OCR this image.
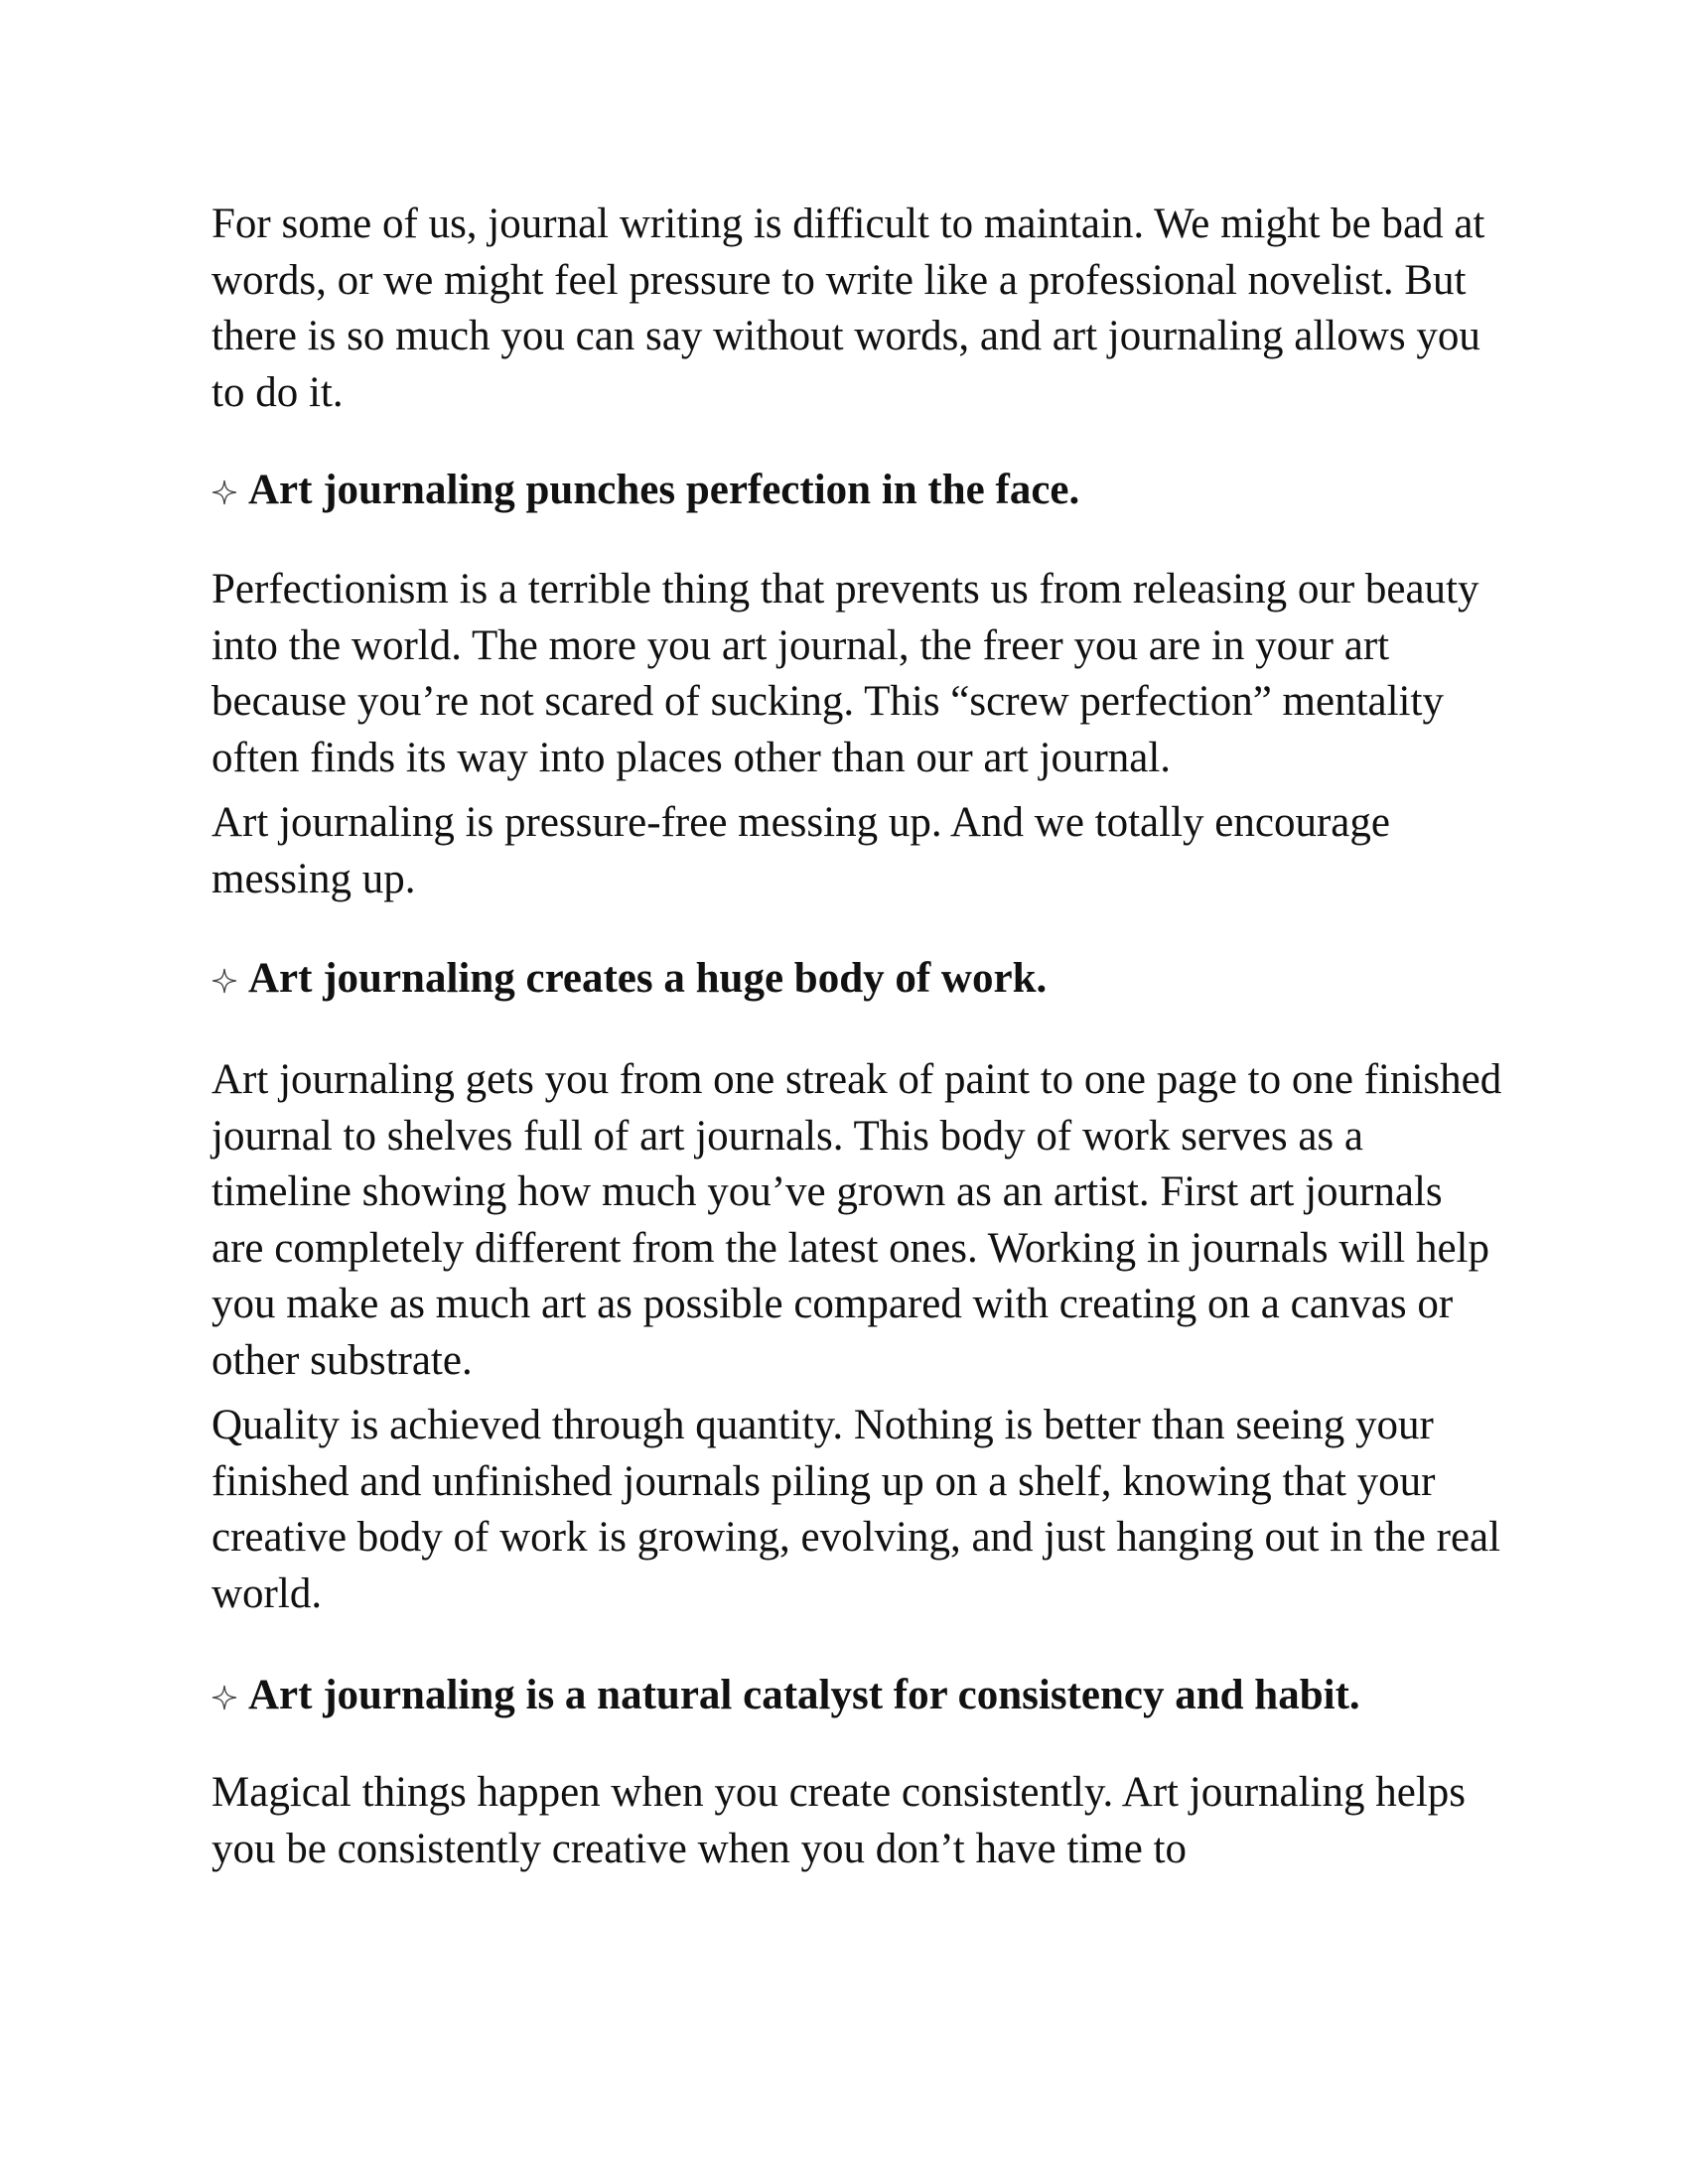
For some of us, journal writing is difficult to maintain. We might be bad at words, or we might feel pressure to write like a professional novelist. But there is so much you can say without words, and art journaling allows you to do it.

Art journaling punches perfection in the face.

Perfectionism is a terrible thing that prevents us from releasing our beauty into the world. The more you art journal, the freer you are in your art because you’re not scared of sucking. This “screw perfection” mentality often finds its way into places other than our art journal.

Art journaling is pressure-free messing up. And we totally encourage messing up.

Art journaling creates a huge body of work.

Art journaling gets you from one streak of paint to one page to one finished journal to shelves full of art journals. This body of work serves as a timeline showing how much you’ve grown as an artist. First art journals are completely different from the latest ones. Working in journals will help you make as much art as possible compared with creating on a canvas or other substrate.

Quality is achieved through quantity. Nothing is better than seeing your finished and unfinished journals piling up on a shelf, knowing that your creative body of work is growing, evolving, and just hanging out in the real world.

Art journaling is a natural catalyst for consistency and habit.

Magical things happen when you create consistently. Art journaling helps you be consistently creative when you don’t have time to
